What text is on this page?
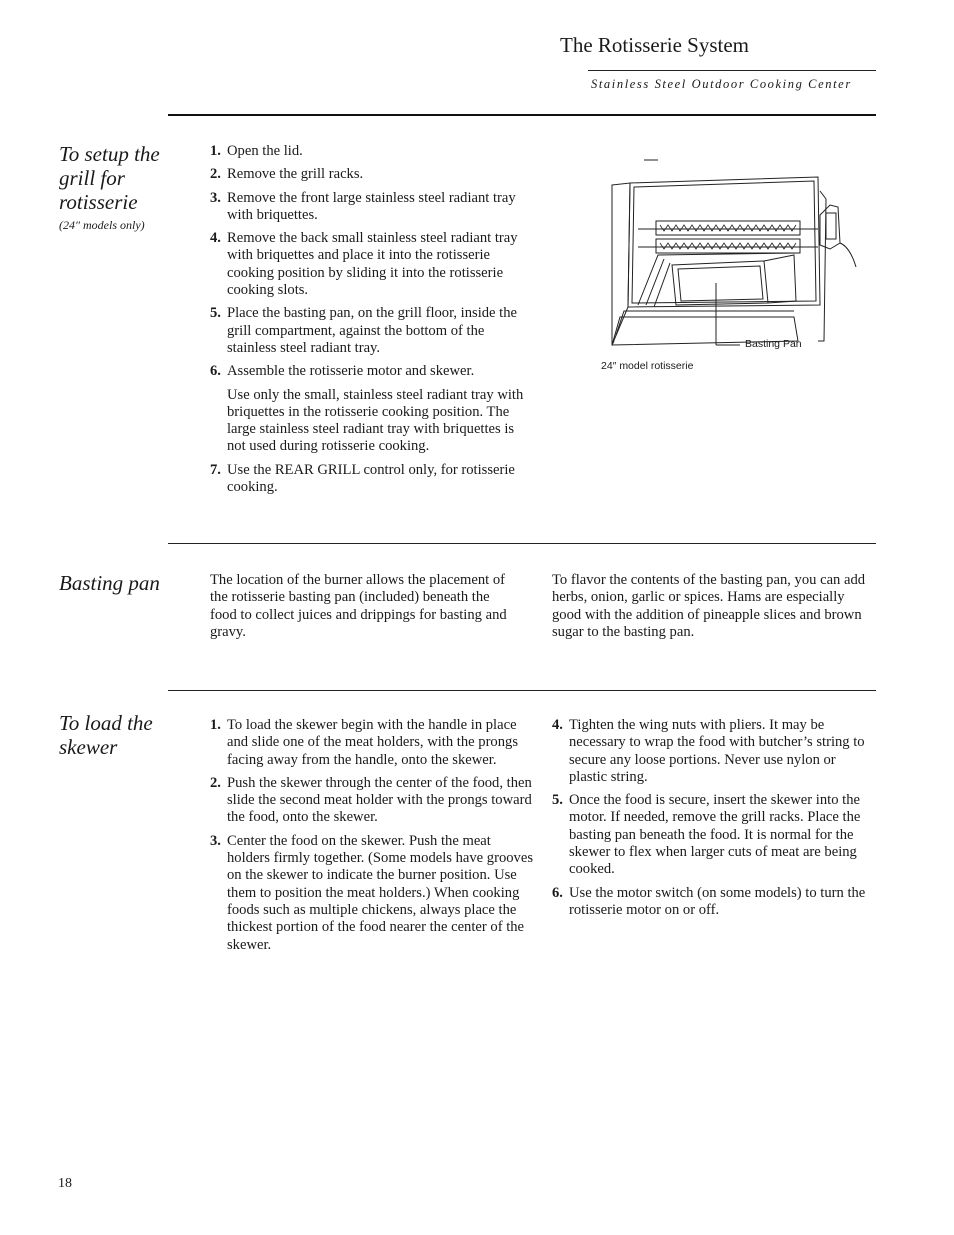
The Rotisserie System
Stainless Steel Outdoor Cooking Center
To setup the grill for rotisserie
(24″ models only)
1. Open the lid.
2. Remove the grill racks.
3. Remove the front large stainless steel radiant tray with briquettes.
4. Remove the back small stainless steel radiant tray with briquettes and place it into the rotisserie cooking position by sliding it into the rotisserie cooking slots.
5. Place the basting pan, on the grill floor, inside the grill compartment, against the bottom of the stainless steel radiant tray.
6. Assemble the rotisserie motor and skewer.

Use only the small, stainless steel radiant tray with briquettes in the rotisserie cooking position. The large stainless steel radiant tray with briquettes is not used during rotisserie cooking.

7. Use the REAR GRILL control only, for rotisserie cooking.
Basting Pan
24″ model rotisserie
Basting pan	The location of the burner allows the placement of the rotisserie basting pan (included) beneath the food to collect juices and drippings for basting and gravy.
To flavor the contents of the basting pan, you can add herbs, onion, garlic or spices. Hams are especially good with the addition of pineapple slices and brown sugar to the basting pan.
To load the skewer
1. To load the skewer begin with the handle in place and slide one of the meat holders, with the prongs facing away from the handle, onto the skewer.
2. Push the skewer through the center of the food, then slide the second meat holder with the prongs toward the food, onto the skewer.
3. Center the food on the skewer. Push the meat holders firmly together. (Some models have grooves on the skewer to indicate the burner position. Use them to position the meat holders.) When cooking foods such as multiple chickens, always place the thickest portion of the food nearer the center of the skewer.
4. Tighten the wing nuts with pliers. It may be necessary to wrap the food with butcher’s string to secure any loose portions. Never use nylon or plastic string.
5. Once the food is secure, insert the skewer into the motor. If needed, remove the grill racks. Place the basting pan beneath the food. It is normal for the skewer to flex when larger cuts of meat are being cooked.
6. Use the motor switch (on some models) to turn the rotisserie motor on or off.
18
